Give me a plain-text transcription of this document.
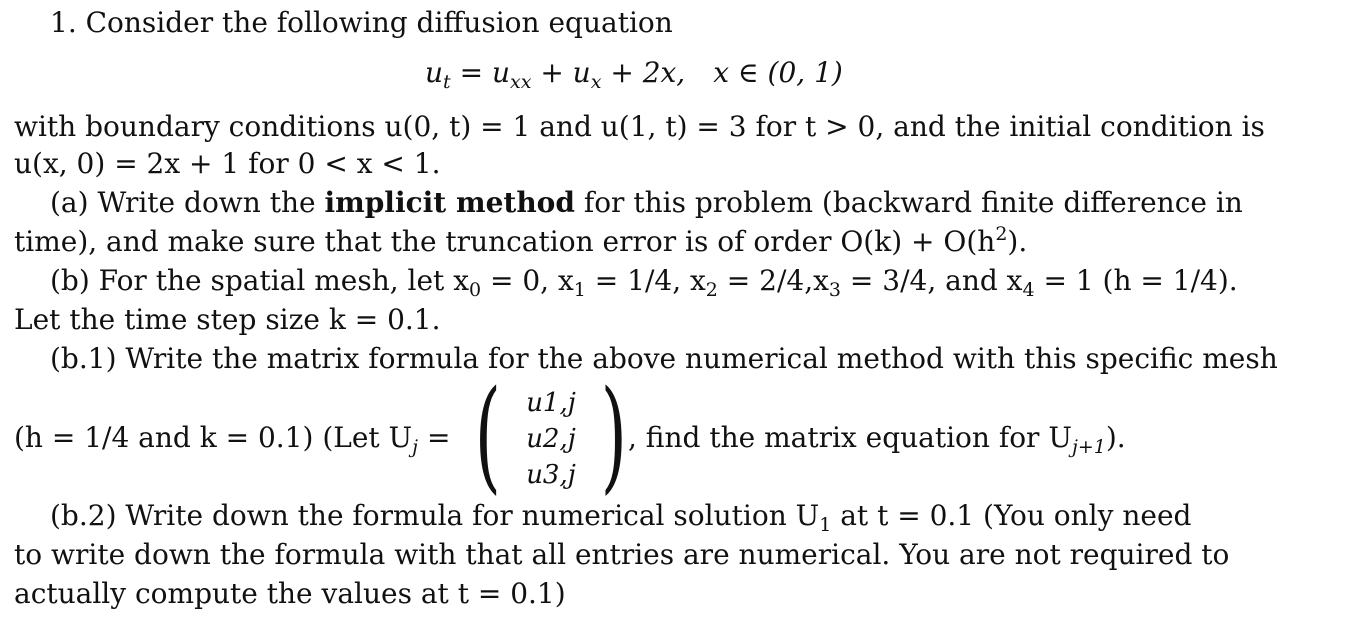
1. Consider the following diffusion equation
$u_t = u_{xx} + u_x + 2x$, x ∈ (0, 1)
with boundary conditions u(0, t) = 1 and u(1, t) = 3 for t > 0, and the initial condition is
u(x, 0) = 2x + 1 for 0 < x < 1.
(a) Write down the implicit method for this problem (backward finite difference in
time), and make sure that the truncation error is of order $O(k) + O(h^2)$.
(b) For the spatial mesh, let $x_0 = 0$, $x_1 = 1/4$, $x_2 = 2/4,x_3 = 3/4$, and $x_4 = 1$ (h = 1/4).
Let the time step size k = 0.1.
(b.1) Write the matrix formula for the above numerical method with this specific mesh
(h = 1/4 and k = 0.1) (Let $U_j$ = ( )
u1,j
u2,j
u3,j
, find the matrix equation for $U_{j+1}$).
(b.2) Write down the formula for numerical solution $U_1$ at t = 0.1 (You only need
to write down the formula with that all entries are numerical. You are not required to
actually compute the values at t = 0.1)
